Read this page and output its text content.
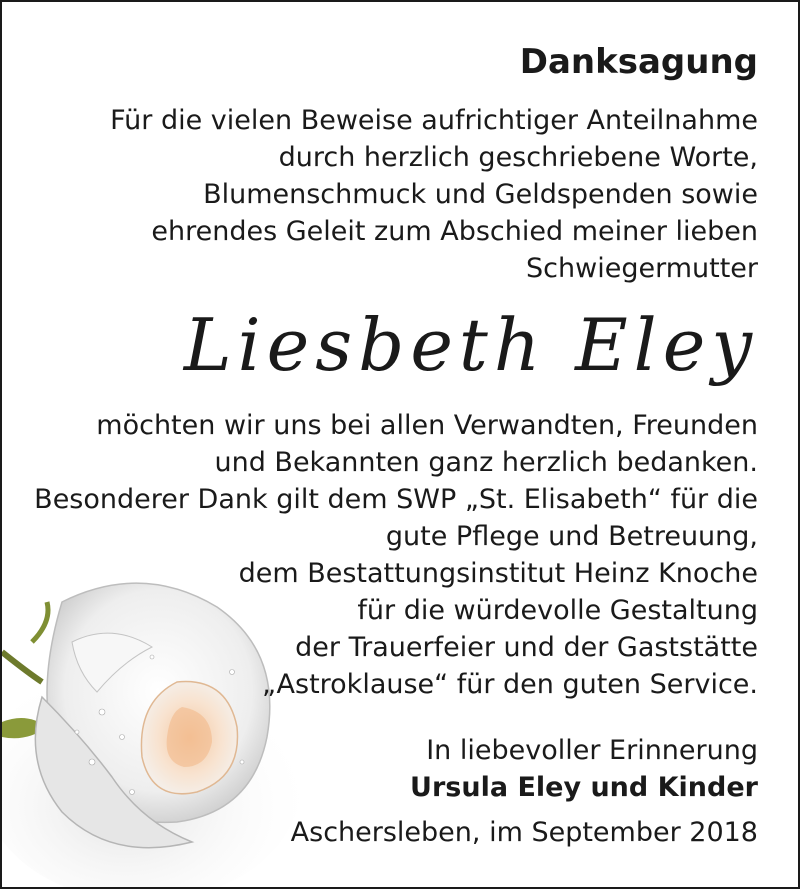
Danksagung
Für die vielen Beweise aufrichtiger Anteilnahme
durch herzlich geschriebene Worte,
Blumenschmuck und Geldspenden sowie
ehrendes Geleit zum Abschied meiner lieben
Schwiegermutter
Liesbeth Eley
möchten wir uns bei allen Verwandten, Freunden
und Bekannten ganz herzlich bedanken.
Besonderer Dank gilt dem SWP „St. Elisabeth“ für die
gute Pflege und Betreuung,
dem Bestattungsinstitut Heinz Knoche
für die würdevolle Gestaltung
der Trauerfeier und der Gaststätte
„Astroklause“ für den guten Service.
In liebevoller Erinnerung
Ursula Eley und Kinder
Aschersleben, im September 2018
